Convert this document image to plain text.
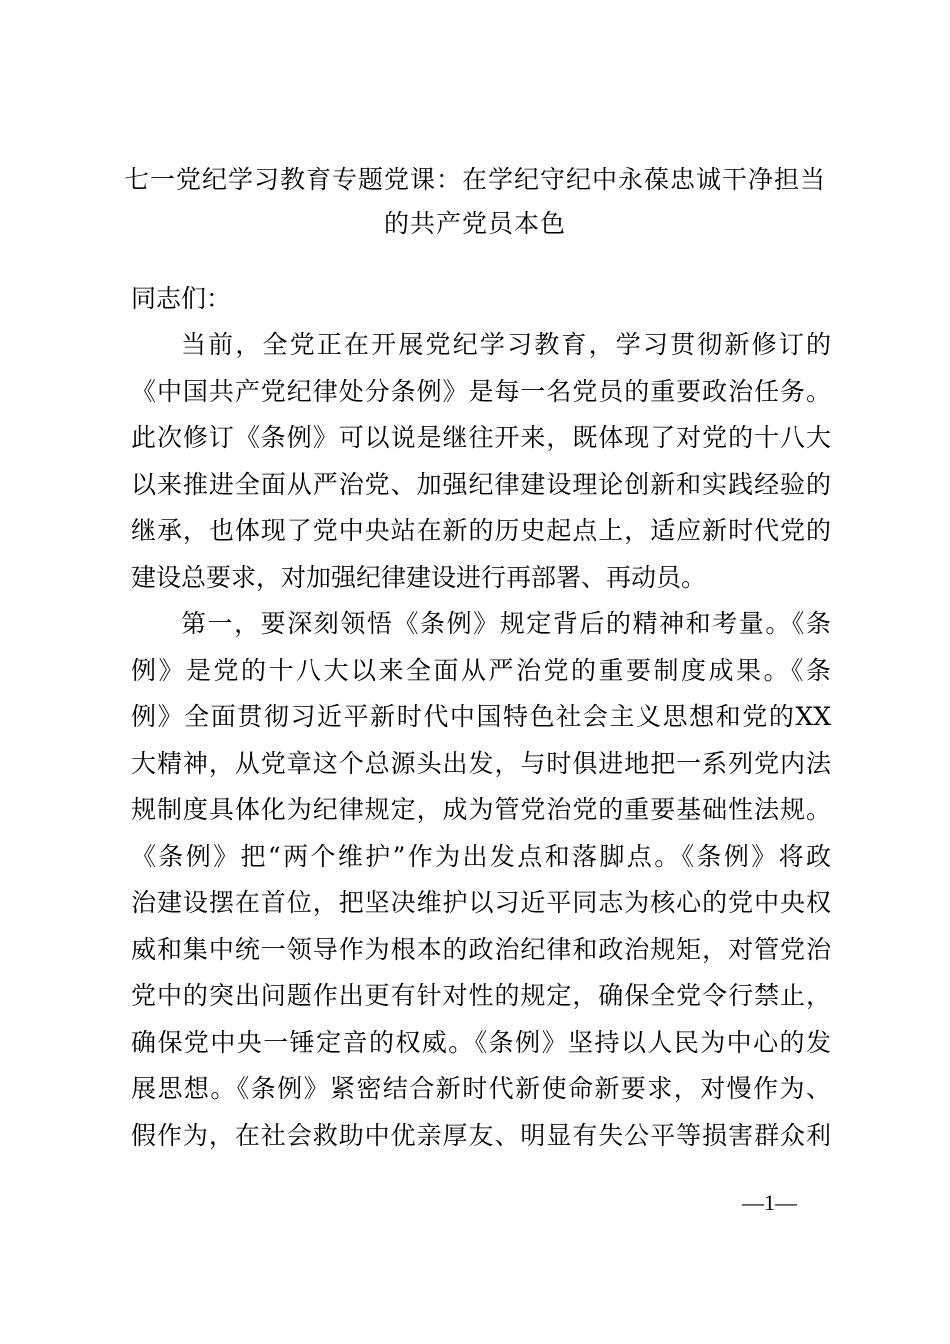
七一党纪学习教育专题党课：在学纪守纪中永葆忠诚干净担当
的共产党员本色

同志们：

当前，全党正在开展党纪学习教育，学习贯彻新修订的
《中国共产党纪律处分条例》是每一名党员的重要政治任务。
此次修订《条例》可以说是继往开来，既体现了对党的十八大
以来推进全面从严治党、加强纪律建设理论创新和实践经验的
继承，也体现了党中央站在新的历史起点上，适应新时代党的
建设总要求，对加强纪律建设进行再部署、再动员。
第一，要深刻领悟《条例》规定背后的精神和考量。《条
例》是党的十八大以来全面从严治党的重要制度成果。《条
例》全面贯彻习近平新时代中国特色社会主义思想和党的XX
大精神，从党章这个总源头出发，与时俱进地把一系列党内法
规制度具体化为纪律规定，成为管党治党的重要基础性法规。
《条例》把“两个维护”作为出发点和落脚点。《条例》将政
治建设摆在首位，把坚决维护以习近平同志为核心的党中央权
威和集中统一领导作为根本的政治纪律和政治规矩，对管党治
党中的突出问题作出更有针对性的规定，确保全党令行禁止，
确保党中央一锤定音的权威。《条例》坚持以人民为中心的发
展思想。《条例》紧密结合新时代新使命新要求，对慢作为、
假作为，在社会救助中优亲厚友、明显有失公平等损害群众利
—1—
